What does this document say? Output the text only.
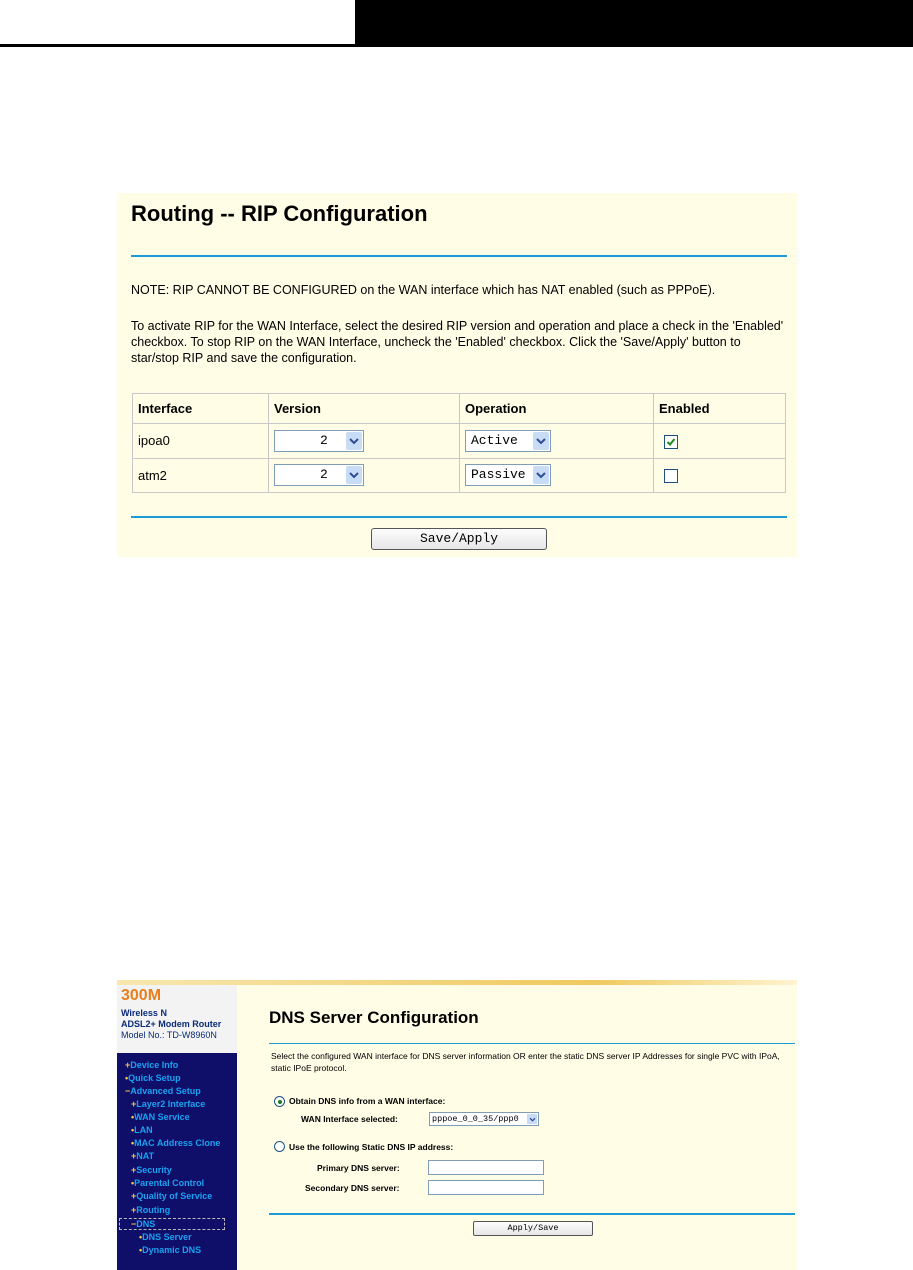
Routing -- RIP Configuration
NOTE: RIP CANNOT BE CONFIGURED on the WAN interface which has NAT enabled (such as PPPoE).
To activate RIP for the WAN Interface, select the desired RIP version and operation and place a check in the 'Enabled' checkbox. To stop RIP on the WAN Interface, uncheck the 'Enabled' checkbox. Click the 'Save/Apply' button to star/stop RIP and save the configuration.
Interface	Version	Operation	Enabled
ipoa0	2	Active

atm2	2	Passive	

Save/Apply
300M
Wireless N
ADSL2+ Modem Router
Model No.: TD-W8960N
+Device Info
•Quick Setup
−Advanced Setup
+Layer2 Interface
•WAN Service
•LAN
•MAC Address Clone
+NAT
+Security
•Parental Control
+Quality of Service
+Routing
−DNS
•DNS Server
•Dynamic DNS
DNS Server Configuration
Select the configured WAN interface for DNS server information OR enter the static DNS server IP Addresses for single PVC with IPoA, static IPoE protocol.
Obtain DNS info from a WAN interface:
WAN Interface selected:	pppoe_0_0_35/ppp0
Use the following Static DNS IP address:
Primary DNS server:
Secondary DNS server:
Apply/Save
